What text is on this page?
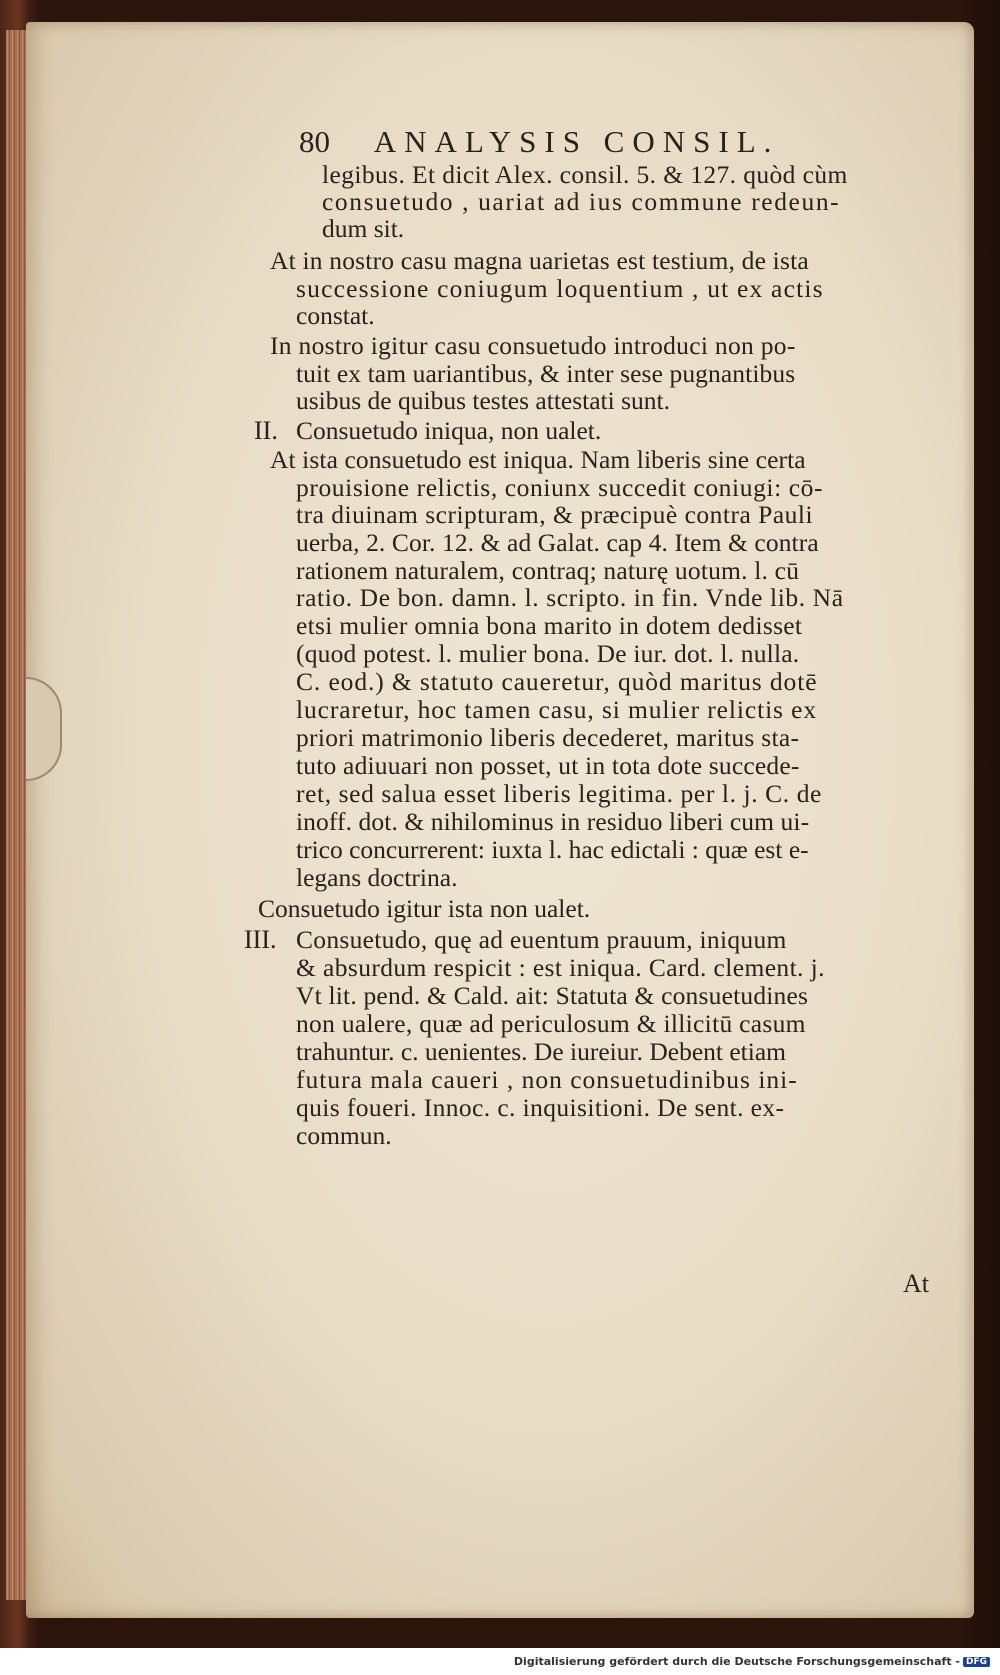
80 ANALYSIS CONSIL.
legibus. Et dicit Alex. consil. 5. & 127. quòd cùm
consuetudo , uariat ad ius commune redeun-
dum sit.
At in nostro casu magna uarietas est testium, de ista
successione coniugum loquentium , ut ex actis
constat.
In nostro igitur casu consuetudo introduci non po-
tuit ex tam uariantibus, & inter sese pugnantibus
usibus de quibus testes attestati sunt.
II. Consuetudo iniqua, non ualet.
At ista consuetudo est iniqua. Nam liberis sine certa
prouisione relictis, coniunx succedit coniugi: cō-
tra diuinam scripturam, & præcipuè contra Pauli
uerba, 2. Cor. 12. & ad Galat. cap 4. Item & contra
rationem naturalem, contraq; naturę uotum. l. cū
ratio. De bon. damn. l. scripto. in fin. Vnde lib. Nā
etsi mulier omnia bona marito in dotem dedisset
(quod potest. l. mulier bona. De iur. dot. l. nulla.
C. eod.) & statuto caueretur, quòd maritus dotē
lucraretur, hoc tamen casu, si mulier relictis ex
priori matrimonio liberis decederet, maritus sta-
tuto adiuuari non posset, ut in tota dote succede-
ret, sed salua esset liberis legitima. per l. j. C. de
inoff. dot. & nihilominus in residuo liberi cum ui-
trico concurrerent: iuxta l. hac edictali : quæ est e-
legans doctrina.
Consuetudo igitur ista non ualet.
III. Consuetudo, quę ad euentum prauum, iniquum
& absurdum respicit : est iniqua. Card. clement. j.
Vt lit. pend. & Cald. ait: Statuta & consuetudines
non ualere, quæ ad periculosum & illicitū casum
trahuntur. c. uenientes. De iureiur. Debent etiam
futura mala caueri , non consuetudinibus ini-
quis foueri. Innoc. c. inquisitioni. De sent. ex-
commun.
At
Digitalisierung gefördert durch die Deutsche Forschungsgemeinschaft - DFG
